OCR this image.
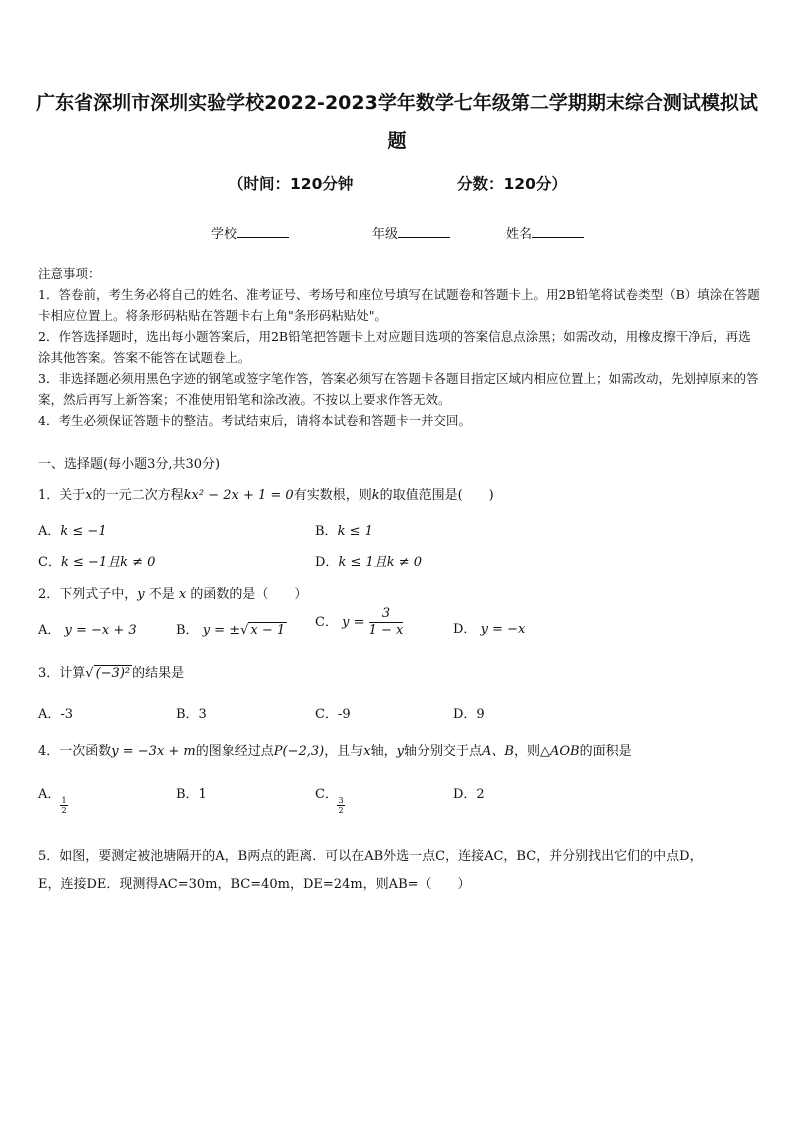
广东省深圳市深圳实验学校2022-2023学年数学七年级第二学期期末综合测试模拟试
题
（时间：120分钟	分数：120分）
学校	年级	姓名

注意事项：

1．答卷前，考生务必将自己的姓名、准考证号、考场号和座位号填写在试题卷和答题卡上。用2B铅笔将试卷类型（B）填涂在答题卡相应位置上。将条形码粘贴在答题卡右上角"条形码粘贴处"。

2．作答选择题时，选出每小题答案后，用2B铅笔把答题卡上对应题目选项的答案信息点涂黑；如需改动，用橡皮擦干净后，再选涂其他答案。答案不能答在试题卷上。

3．非选择题必须用黑色字迹的钢笔或签字笔作答，答案必须写在答题卡各题目指定区域内相应位置上；如需改动，先划掉原来的答案，然后再写上新答案；不准使用铅笔和涂改液。不按以上要求作答无效。

4．考生必须保证答题卡的整洁。考试结束后，请将本试卷和答题卡一并交回。

一、选择题(每小题3分,共30分)
1．关于x的一元二次方程kx² − 2x + 1 = 0有实数根，则k的取值范围是(　　)
A．k ≤ −1	B．k ≤ 1
C．k ≤ −1且k ≠ 0	D．k ≤ 1且k ≠ 0
2．下列式子中，y 不是 x 的函数的是（　　）
A． y = −x + 3	B． y = ±√ x − 1
C． $y = \frac{3}{1 - x}$	D． y = −x
3．计算√ (−3)² 的结果是
A．-3	B．3	C．-9	D．9
4．一次函数y = −3x + m的图象经过点P(−2,3)，且与x轴，y轴分别交于点A、B，则△AOB的面积是
A．
$\frac{1}{2}$
B．1	C．
$\frac{3}{2}$
D．2
5．如图，要测定被池塘隔开的A，B两点的距离．可以在AB外选一点C，连接AC，BC，并分别找出它们的中点D，
E，连接DE．现测得AC=30m，BC=40m，DE=24m，则AB=（　　）
